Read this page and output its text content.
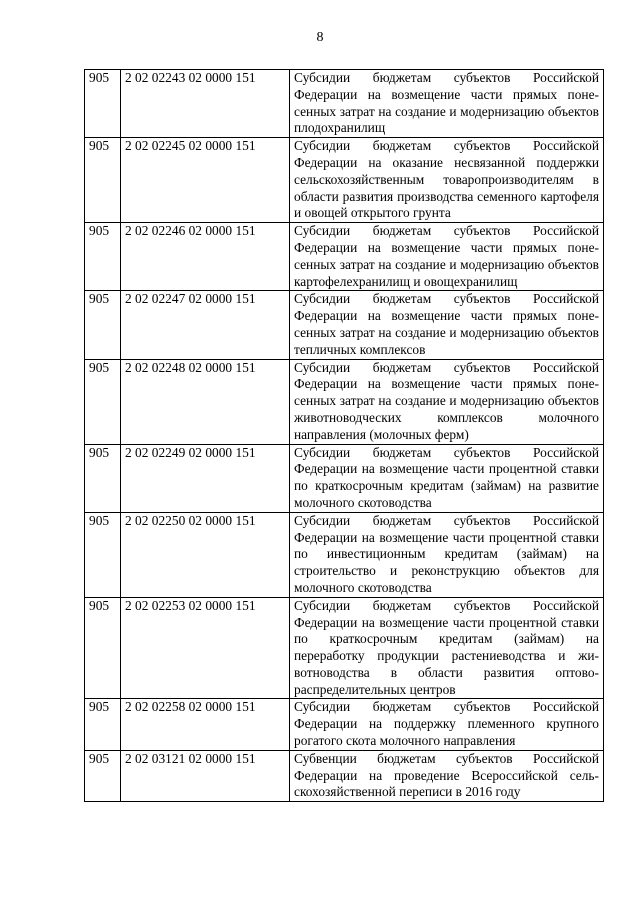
8
905	2 02 02243 02 0000 151	Субсидии бюджетам субъектов Российской Федерации на возмещение части прямых понесенных затрат на создание и модернизацию объектов плодохранилищ
905	2 02 02245 02 0000 151	Субсидии бюджетам субъектов Российской Федерации на оказание несвязанной поддержки сельскохозяйственным товаропроизводителям в области развития производства семенного картофеля и овощей открытого грунта
905	2 02 02246 02 0000 151	Субсидии бюджетам субъектов Российской Федерации на возмещение части прямых понесенных затрат на создание и модернизацию объектов картофелехранилищ и овощехранилищ
905	2 02 02247 02 0000 151	Субсидии бюджетам субъектов Российской Федерации на возмещение части прямых понесенных затрат на создание и модернизацию объектов тепличных комплексов
905	2 02 02248 02 0000 151	Субсидии бюджетам субъектов Российской Федерации на возмещение части прямых понесенных затрат на создание и модернизацию объектов животноводческих комплексов молочного направления (молочных ферм)
905	2 02 02249 02 0000 151	Субсидии бюджетам субъектов Российской Федерации на возмещение части процентной ставки по краткосрочным кредитам (займам) на развитие молочного скотоводства
905	2 02 02250 02 0000 151	Субсидии бюджетам субъектов Российской Федерации на возмещение части процентной ставки по инвестиционным кредитам (займам) на строительство и реконструкцию объектов для молочного скотоводства
905	2 02 02253 02 0000 151	Субсидии бюджетам субъектов Российской Федерации на возмещение части процентной ставки по краткосрочным кредитам (займам) на переработку продукции растениеводства и животноводства в области развития оптово-распределительных центров
905	2 02 02258 02 0000 151	Субсидии бюджетам субъектов Российской Федерации на поддержку племенного крупного рогатого скота молочного направления
905	2 02 03121 02 0000 151	Субвенции бюджетам субъектов Российской Федерации на проведение Всероссийской сельскохозяйственной переписи в 2016 году
